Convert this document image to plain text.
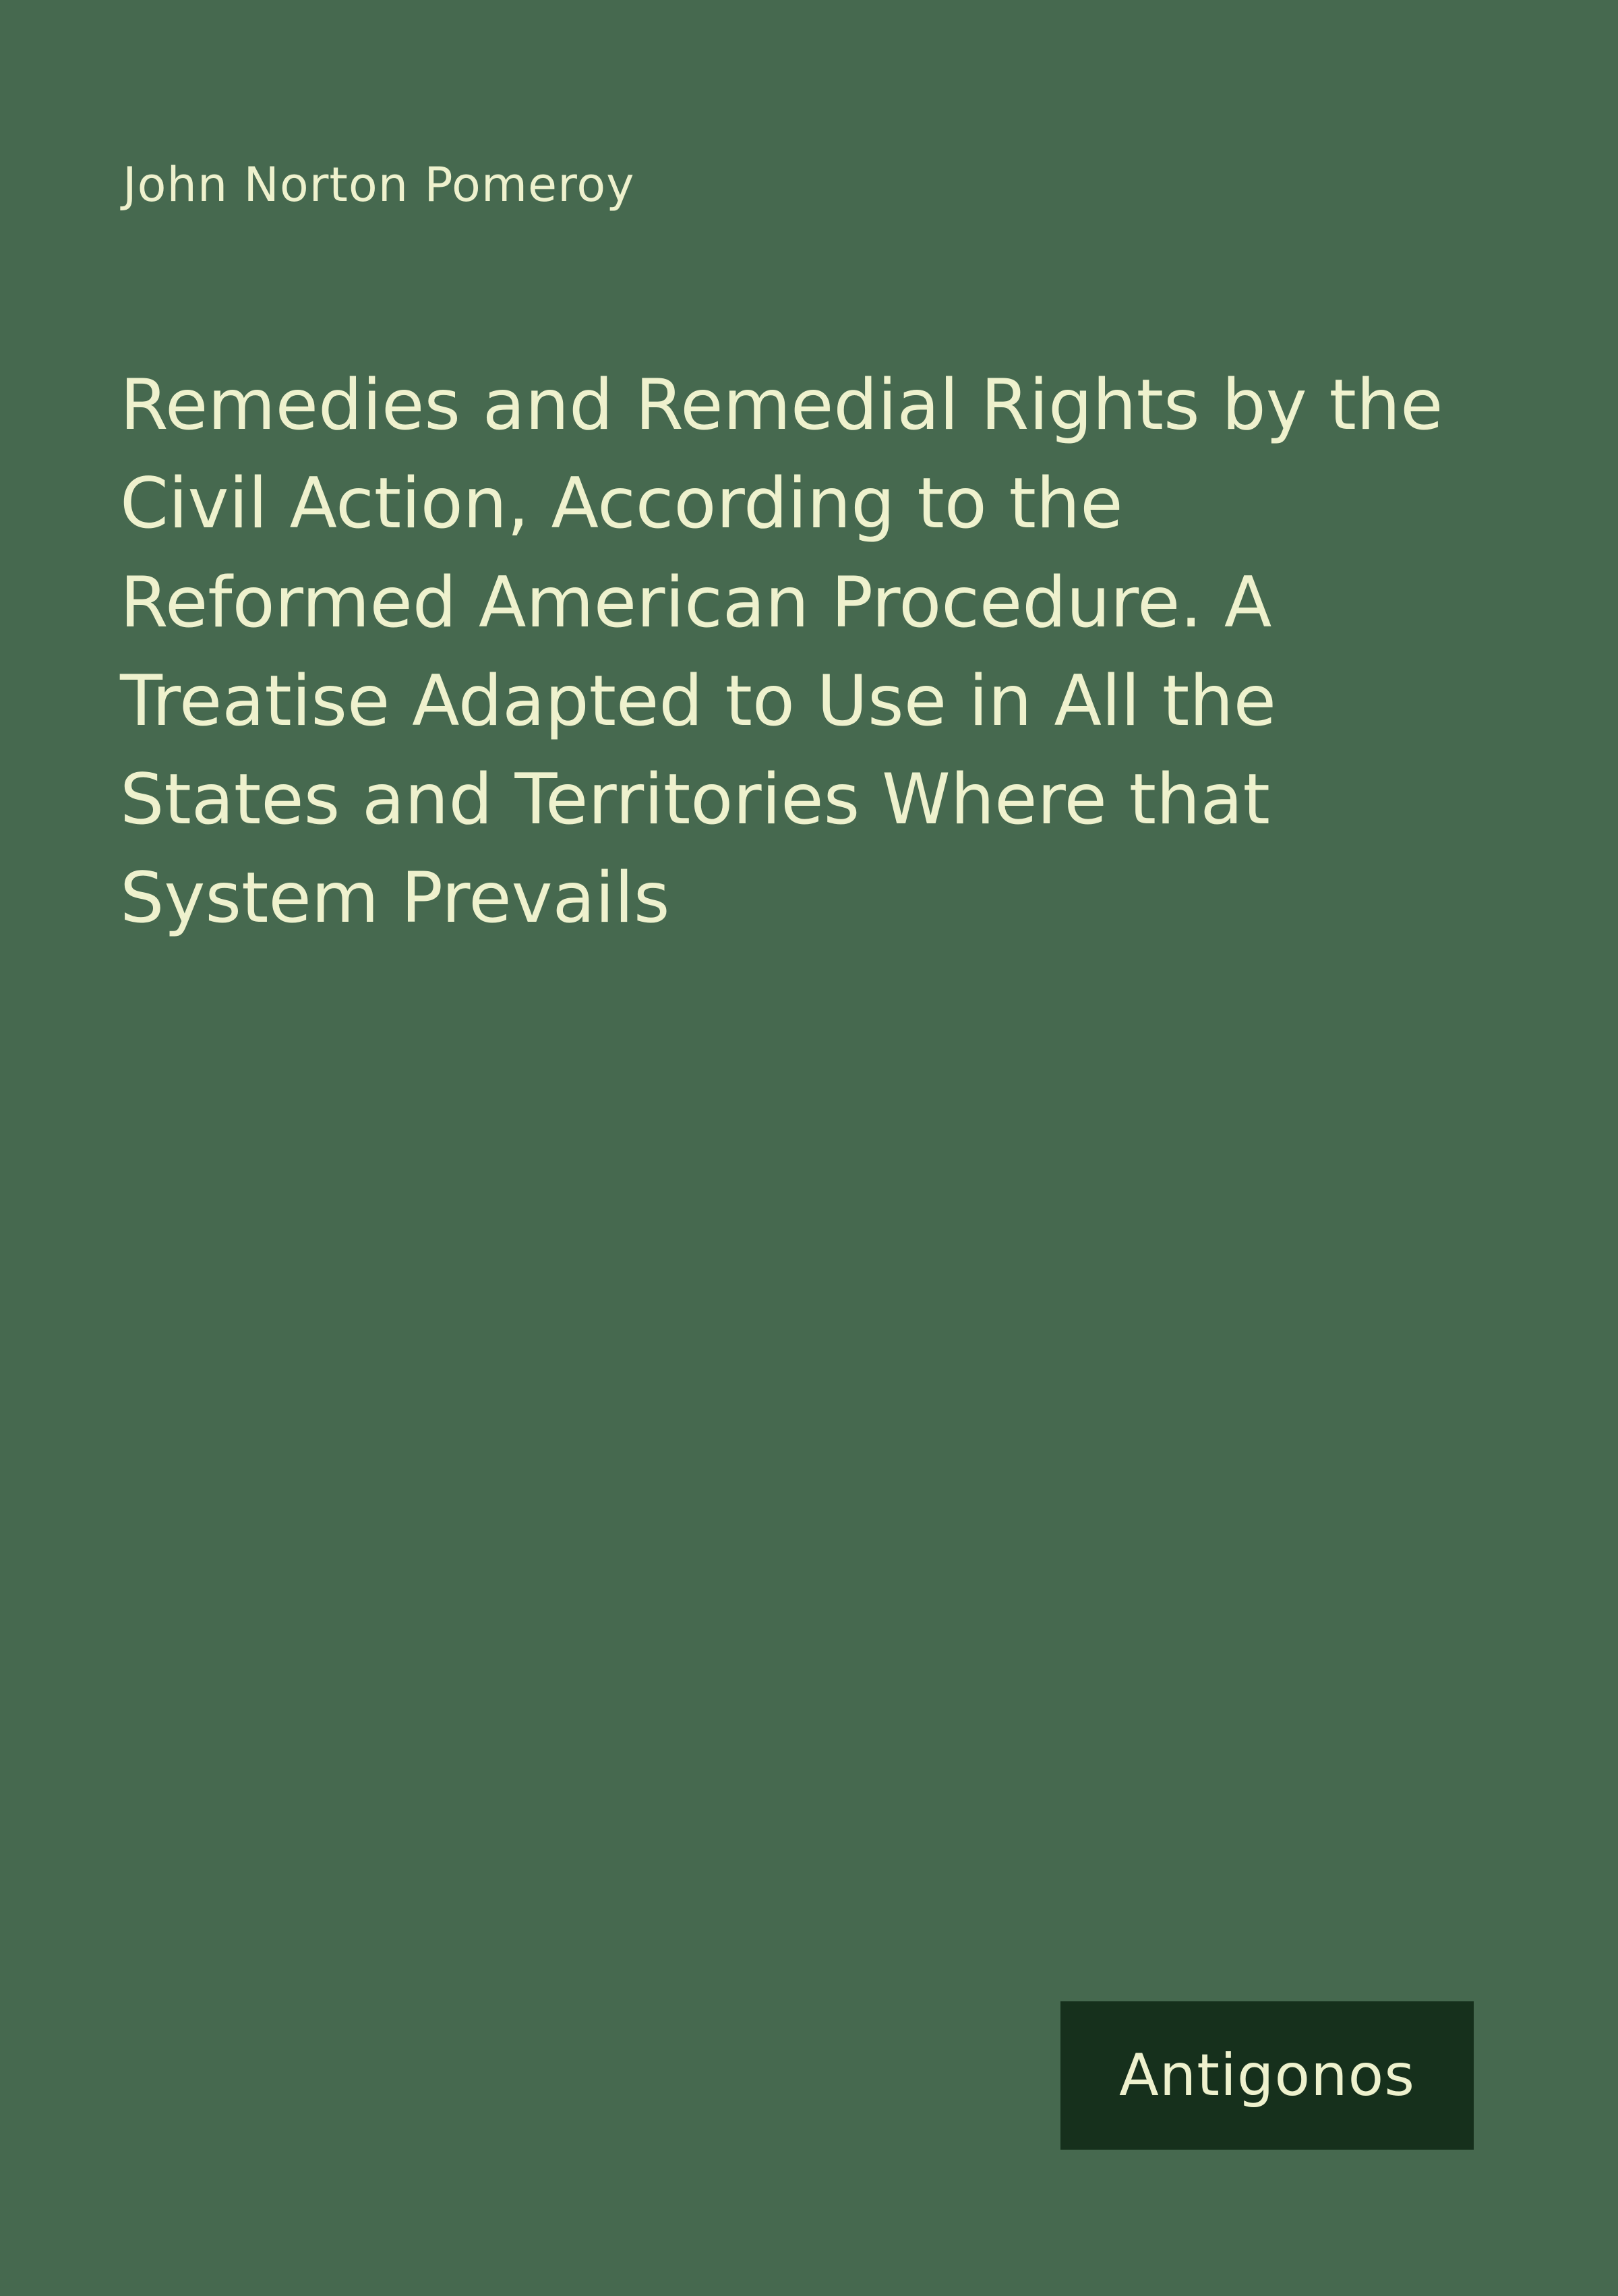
John Norton Pomeroy
Remedies and Remedial Rights by the Civil Action, According to the Reformed American Procedure. A Treatise Adapted to Use in All the States and Territories Where that System Prevails
Antigonos
